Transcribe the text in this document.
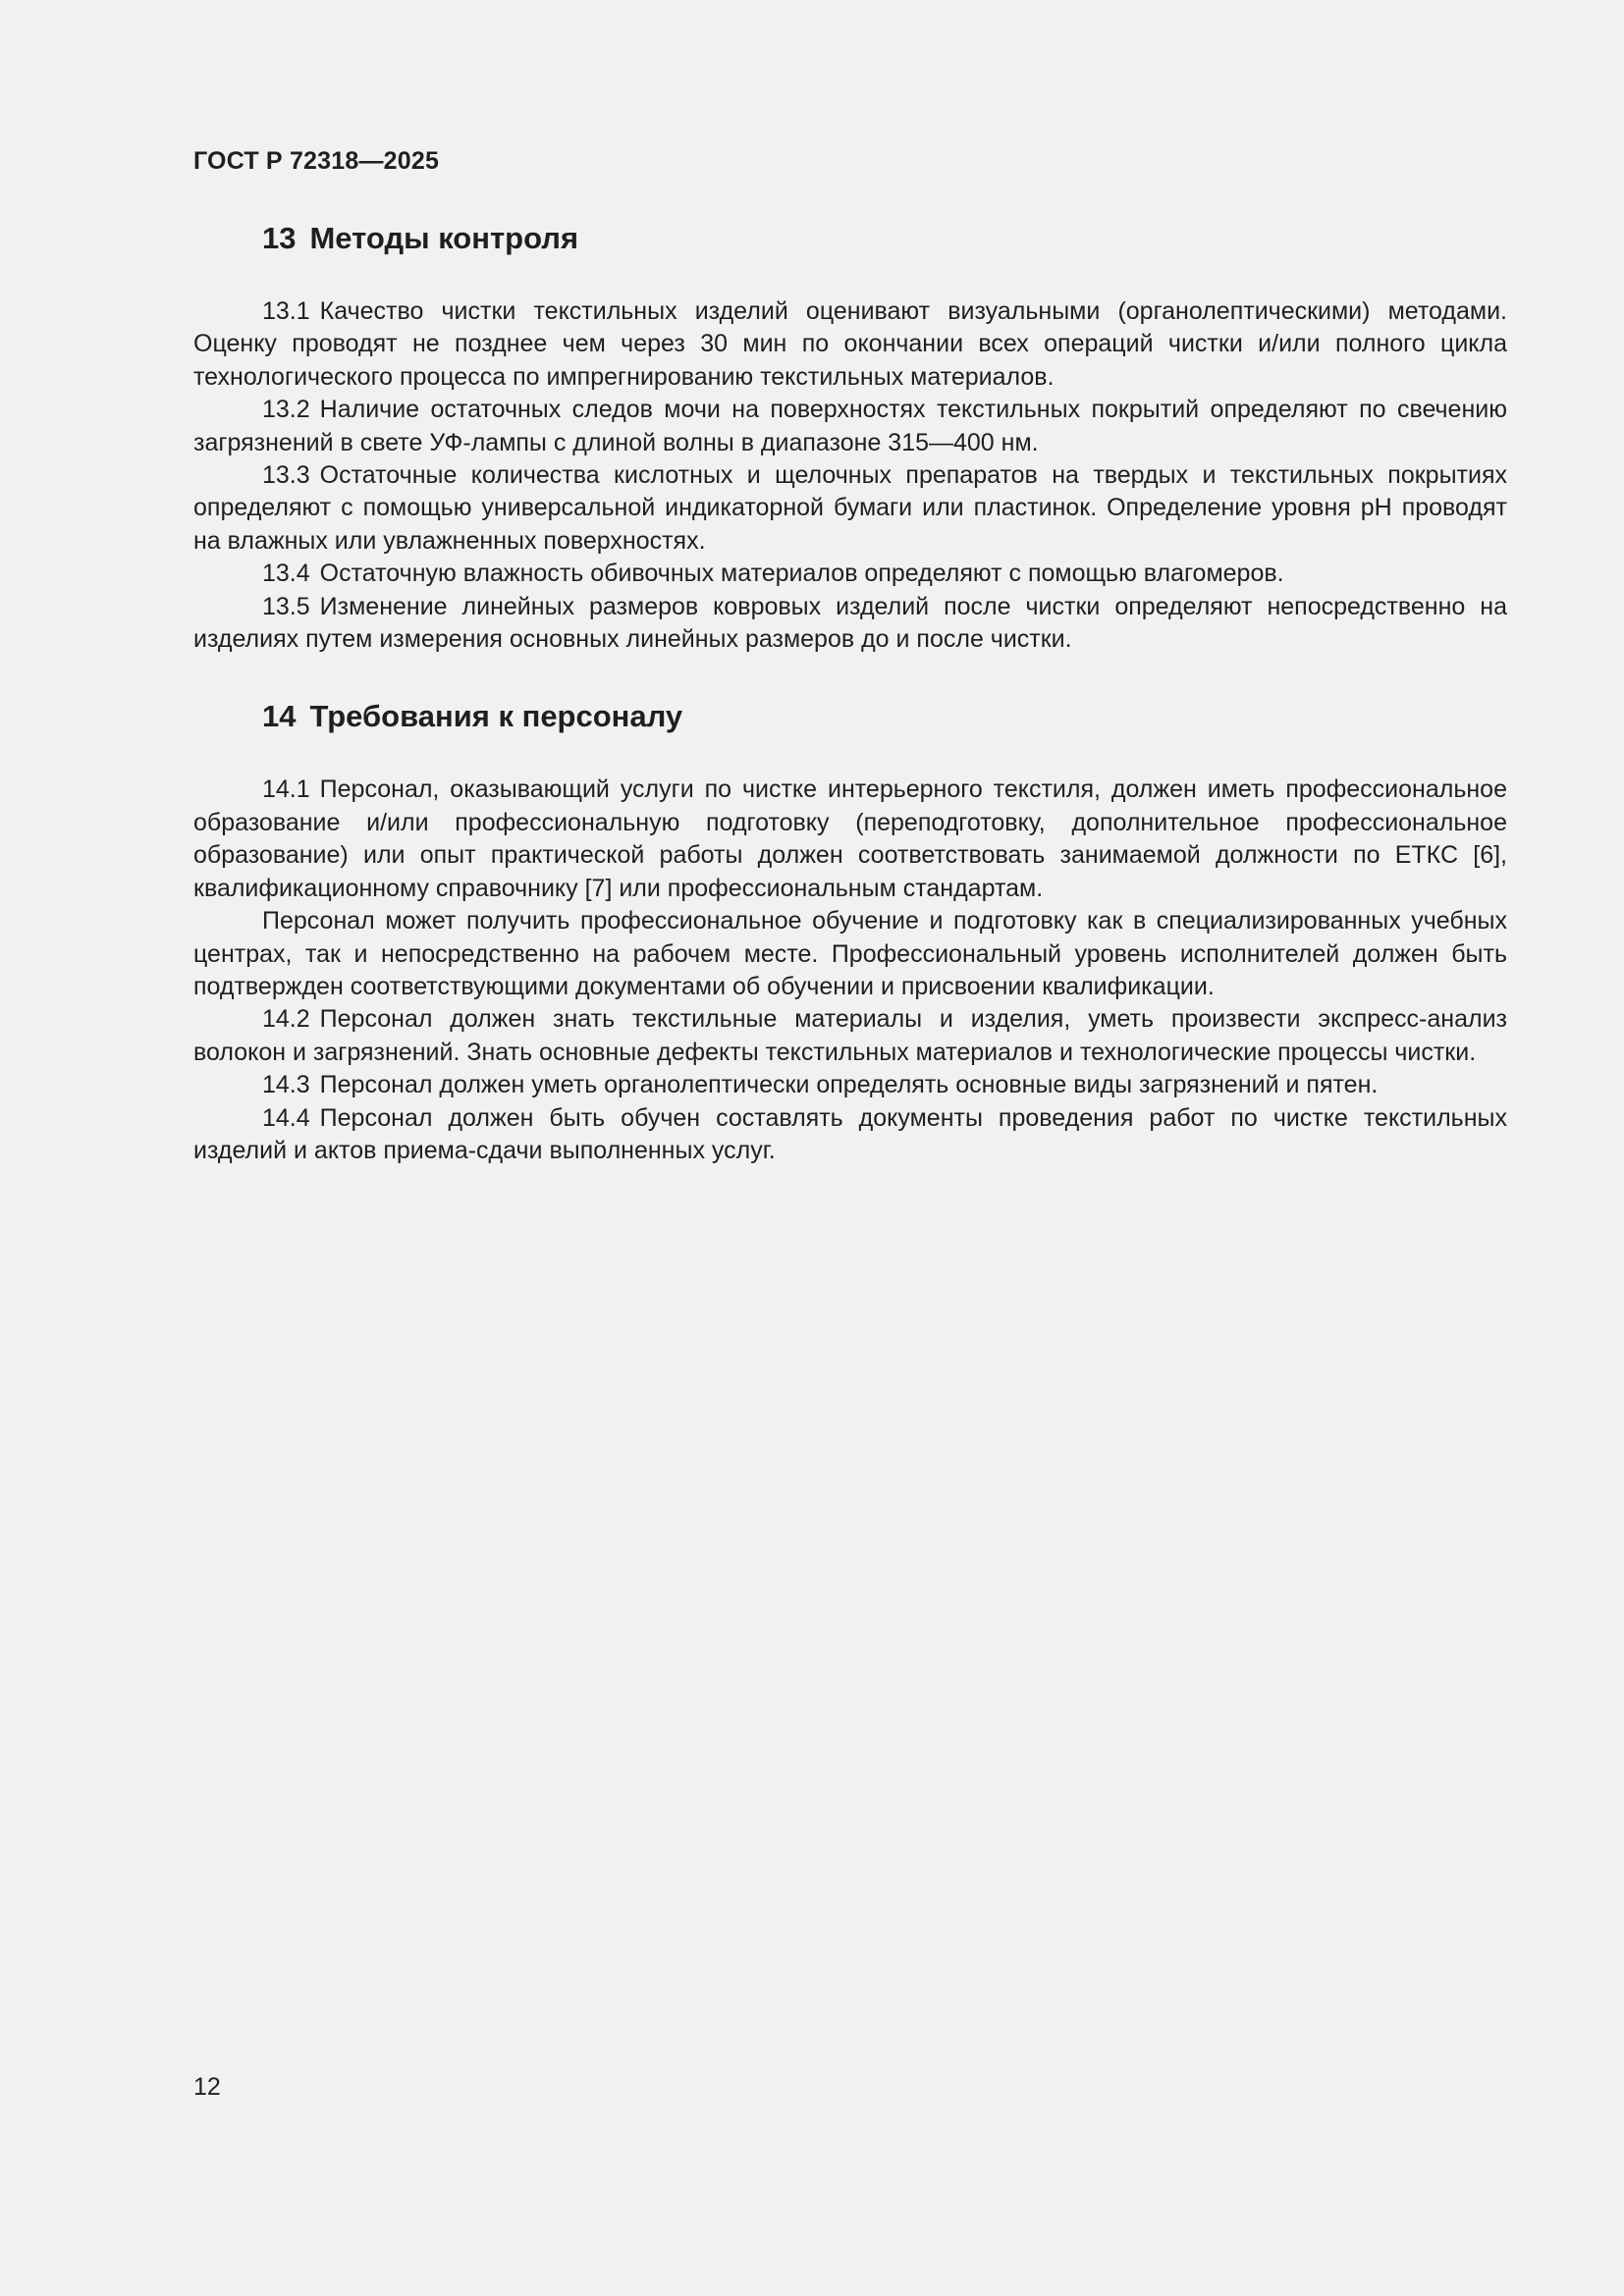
ГОСТ Р 72318—2025
13 Методы контроля

13.1 Качество чистки текстильных изделий оценивают визуальными (органолептическими) методами. Оценку проводят не позднее чем через 30 мин по окончании всех операций чистки и/или полного цикла технологического процесса по импрегнированию текстильных материалов.

13.2 Наличие остаточных следов мочи на поверхностях текстильных покрытий определяют по свечению загрязнений в свете УФ-лампы с длиной волны в диапазоне 315—400 нм.

13.3 Остаточные количества кислотных и щелочных препаратов на твердых и текстильных покрытиях определяют с помощью универсальной индикаторной бумаги или пластинок. Определение уровня pH проводят на влажных или увлажненных поверхностях.

13.4 Остаточную влажность обивочных материалов определяют с помощью влагомеров.

13.5 Изменение линейных размеров ковровых изделий после чистки определяют непосредственно на изделиях путем измерения основных линейных размеров до и после чистки.

14 Требования к персоналу

14.1 Персонал, оказывающий услуги по чистке интерьерного текстиля, должен иметь профессиональное образование и/или профессиональную подготовку (переподготовку, дополнительное профессиональное образование) или опыт практической работы должен соответствовать занимаемой должности по ЕТКС [6], квалификационному справочнику [7] или профессиональным стандартам.

Персонал может получить профессиональное обучение и подготовку как в специализированных учебных центрах, так и непосредственно на рабочем месте. Профессиональный уровень исполнителей должен быть подтвержден соответствующими документами об обучении и присвоении квалификации.

14.2 Персонал должен знать текстильные материалы и изделия, уметь произвести экспресс-анализ волокон и загрязнений. Знать основные дефекты текстильных материалов и технологические процессы чистки.

14.3 Персонал должен уметь органолептически определять основные виды загрязнений и пятен.

14.4 Персонал должен быть обучен составлять документы проведения работ по чистке текстильных изделий и актов приема-сдачи выполненных услуг.

12
